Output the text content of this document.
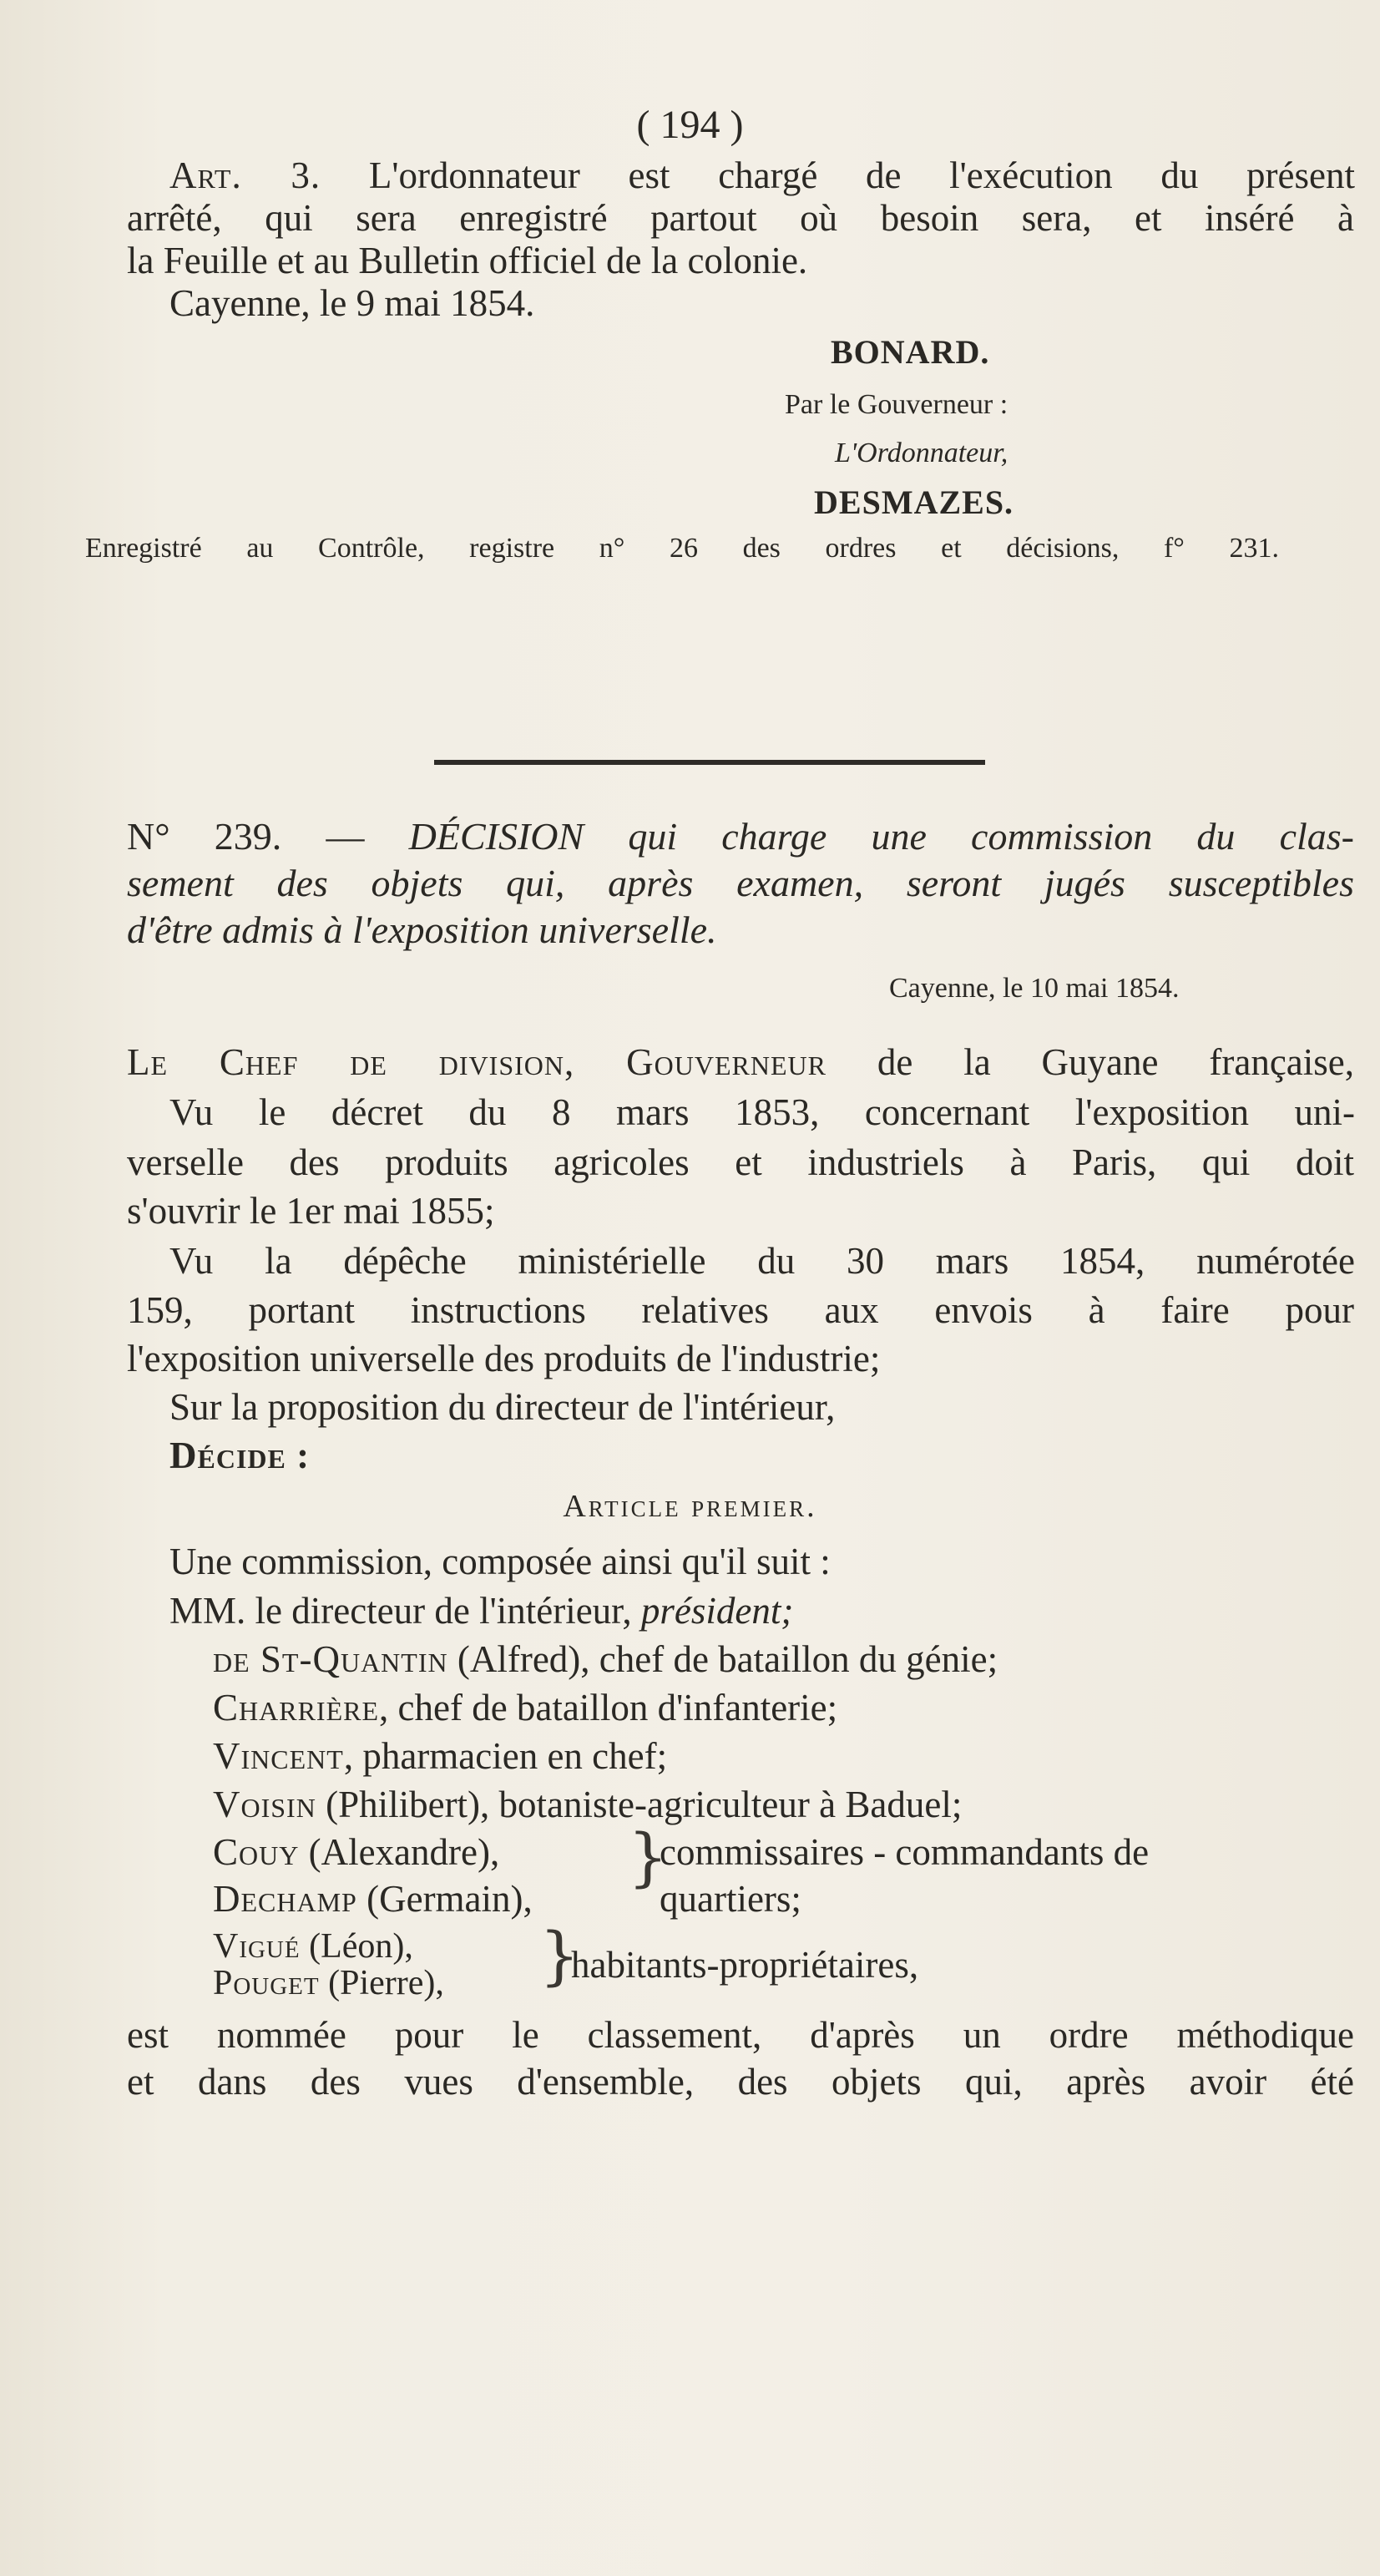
( 194 )
Art. 3. L'ordonnateur est chargé de l'exécution du présent
arrêté, qui sera enregistré partout où besoin sera, et inséré à
la Feuille et au Bulletin officiel de la colonie.
Cayenne, le 9 mai 1854.
BONARD.
Par le Gouverneur :
L'Ordonnateur,
DESMAZES.
Enregistré au Contrôle, registre n° 26 des ordres et décisions, f° 231.
N° 239. — DÉCISION qui charge une commission du clas-
sement des objets qui, après examen, seront jugés susceptibles
d'être admis à l'exposition universelle.
Cayenne, le 10 mai 1854.
Le Chef de division, Gouverneur de la Guyane française,
Vu le décret du 8 mars 1853, concernant l'exposition uni-
verselle des produits agricoles et industriels à Paris, qui doit
s'ouvrir le 1er mai 1855;
Vu la dépêche ministérielle du 30 mars 1854, numérotée
159, portant instructions relatives aux envois à faire pour
l'exposition universelle des produits de l'industrie;
Sur la proposition du directeur de l'intérieur,
Décide :
Article premier.
Une commission, composée ainsi qu'il suit :
MM. le directeur de l'intérieur, président;
de St-Quantin (Alfred), chef de bataillon du génie;
Charrière, chef de bataillon d'infanterie;
Vincent, pharmacien en chef;
Voisin (Philibert), botaniste-agriculteur à Baduel;
Couy (Alexandre),
Dechamp (Germain),
}
commissaires - commandants de
quartiers;
Vigué (Léon),
Pouget (Pierre), }
habitants-propriétaires,
est nommée pour le classement, d'après un ordre méthodique
et dans des vues d'ensemble, des objets qui, après avoir été
